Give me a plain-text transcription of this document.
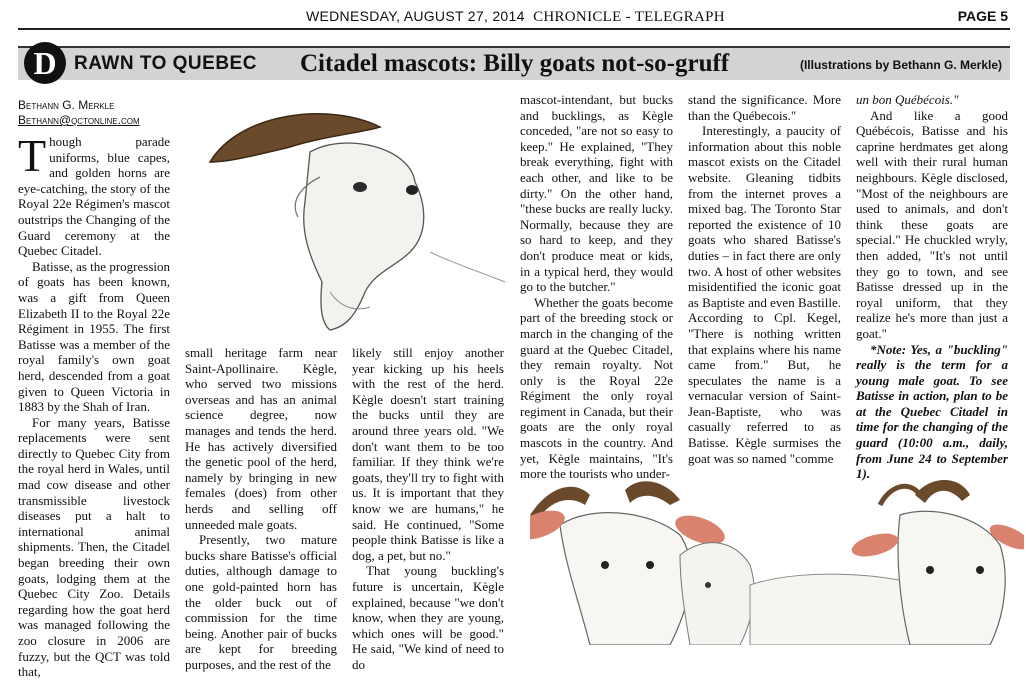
WEDNESDAY, AUGUST 27, 2014 CHRONICLE - TELEGRAPH	PAGE 5
D RAWN TO QUEBEC Citadel mascots: Billy goats not-so-gruff	(Illustrations by Bethann G. Merkle)

Bethann G. Merkle

Bethann@qctonline.com

Though parade uniforms, blue capes, and golden horns are eye-catching, the story of the Royal 22e Régimen's mascot outstrips the Changing of the Guard ceremony at the Quebec Citadel.

Batisse, as the progression of goats has been known, was a gift from Queen Elizabeth II to the Royal 22e Régiment in 1955. The first Batisse was a member of the royal family's own goat herd, descended from a goat given to Queen Victoria in 1883 by the Shah of Iran.

For many years, Batisse replacements were sent directly to Quebec City from the royal herd in Wales, until mad cow disease and other transmissible livestock diseases put a halt to international animal shipments. Then, the Citadel began breeding their own goats, lodging them at the Quebec City Zoo. Details regarding how the goat herd was managed following the zoo closure in 2006 are fuzzy, but the QCT was told that,

small heritage farm near Saint-Apollinaire. Kègle, who served two missions overseas and has an animal science degree, now manages and tends the herd. He has actively diversified the genetic pool of the herd, namely by bringing in new females (does) from other herds and selling off unneeded male goats.

Presently, two mature bucks share Batisse's official duties, although damage to one gold-painted horn has the older buck out of commission for the time being. Another pair of bucks are kept for breeding purposes, and the rest of the

likely still enjoy another year kicking up his heels with the rest of the herd. Kègle doesn't start training the bucks until they are around three years old. "We don't want them to be too familiar. If they think we're goats, they'll try to fight with us. It is important that they know we are humans," he said. He continued, "Some people think Batisse is like a dog, a pet, but no."

That young buckling's future is uncertain, Kègle explained, because "we don't know, when they are young, which ones will be good." He said, "We kind of need to do

mascot-intendant, but bucks and bucklings, as Kègle conceded, "are not so easy to keep." He explained, "They break everything, fight with each other, and like to be dirty." On the other hand, "these bucks are really lucky. Normally, because they are so hard to keep, and they don't produce meat or kids, in a typical herd, they would go to the butcher."

Whether the goats become part of the breeding stock or march in the changing of the guard at the Quebec Citadel, they remain royalty. Not only is the Royal 22e Régiment the only royal regiment in Canada, but their goats are the only royal mascots in the country. And yet, Kègle maintains, "It's more the tourists who under-

stand the significance. More than the Québecois."

Interestingly, a paucity of information about this noble mascot exists on the Citadel website. Gleaning tidbits from the internet proves a mixed bag. The Toronto Star reported the existence of 10 goats who shared Batisse's duties – in fact there are only two. A host of other websites misidentified the iconic goat as Baptiste and even Bastille. According to Cpl. Kegel, "There is nothing written that explains where his name came from." But, he speculates the name is a vernacular version of Saint-Jean-Baptiste, who was casually referred to as Batisse. Kègle surmises the goat was so named "comme

un bon Québécois."

And like a good Québécois, Batisse and his caprine herdmates get along well with their rural human neighbours. Kègle disclosed, "Most of the neighbours are used to animals, and don't think these goats are special." He chuckled wryly, then added, "It's not until they go to town, and see Batisse dressed up in the royal uniform, that they realize he's more than just a goat."

*Note: Yes, a "buckling" really is the term for a young male goat. To see Batisse in action, plan to be at the Quebec Citadel in time for the changing of the guard (10:00 a.m., daily, from June 24 to September 1).
